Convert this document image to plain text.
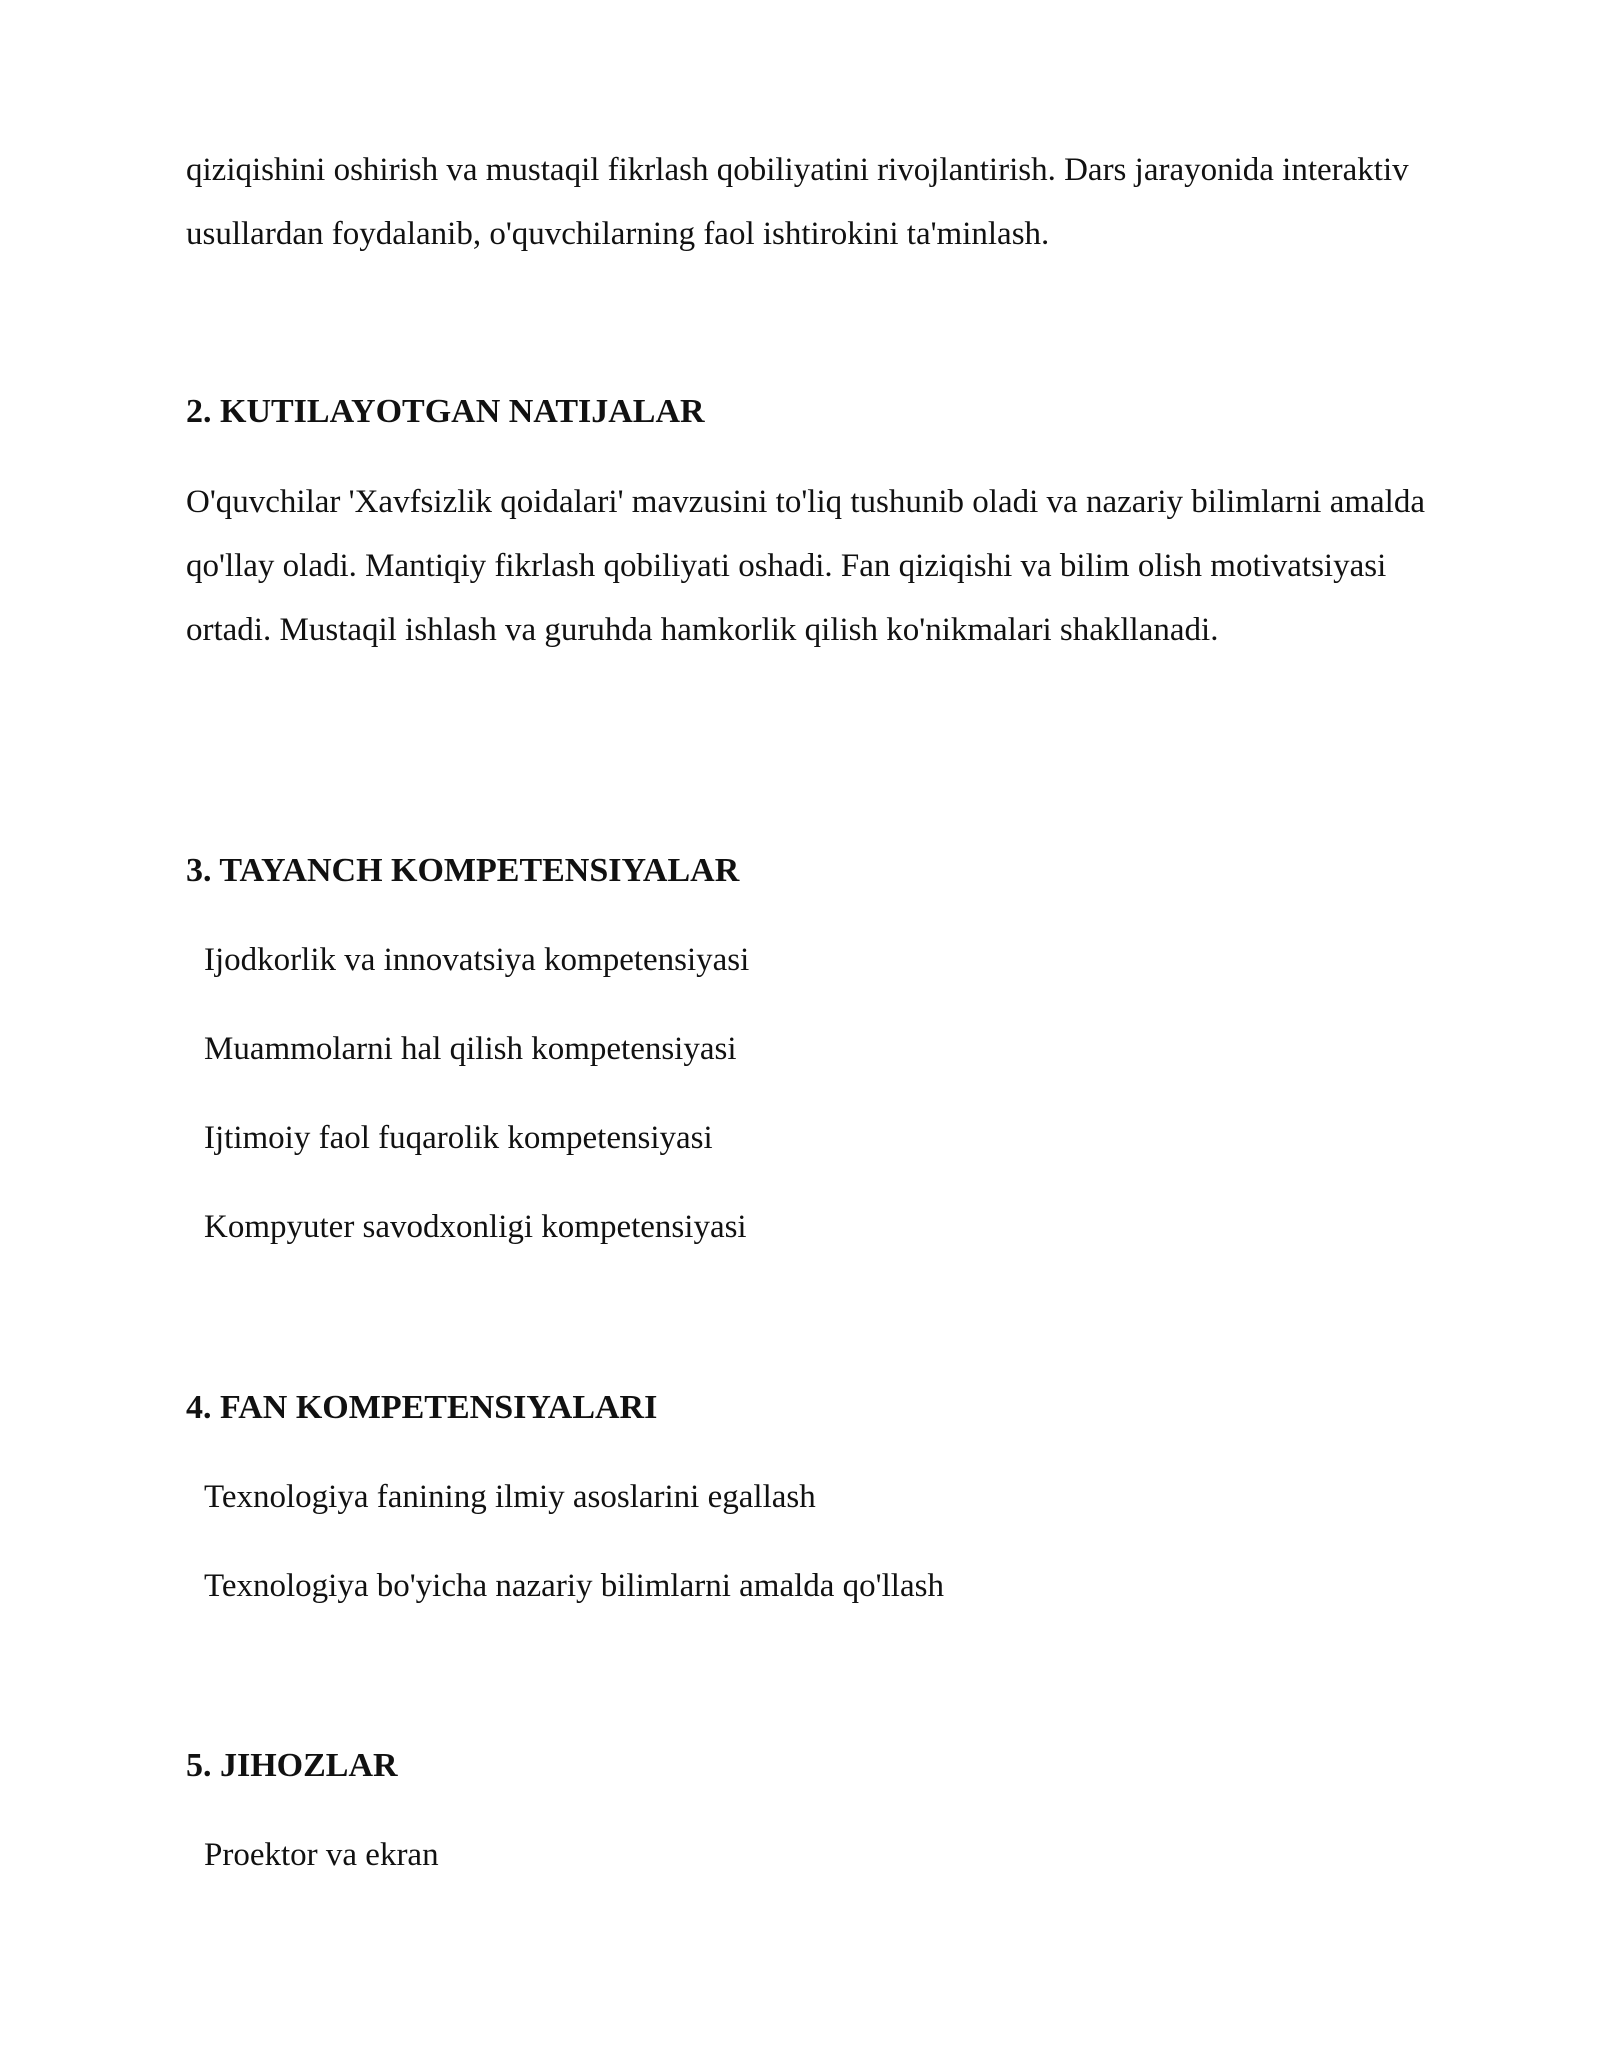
qiziqishini oshirish va mustaqil fikrlash qobiliyatini rivojlantirish. Dars jarayonida interaktiv usullardan foydalanib, o'quvchilarning faol ishtirokini ta'minlash.

2. KUTILAYOTGAN NATIJALAR

O'quvchilar 'Xavfsizlik qoidalari' mavzusini to'liq tushunib oladi va nazariy bilimlarni amalda qo'llay oladi. Mantiqiy fikrlash qobiliyati oshadi. Fan qiziqishi va bilim olish motivatsiyasi ortadi. Mustaqil ishlash va guruhda hamkorlik qilish ko'nikmalari shakllanadi.

3. TAYANCH KOMPETENSIYALAR

Ijodkorlik va innovatsiya kompetensiyasi

Muammolarni hal qilish kompetensiyasi

Ijtimoiy faol fuqarolik kompetensiyasi

Kompyuter savodxonligi kompetensiyasi

4. FAN KOMPETENSIYALARI

Texnologiya fanining ilmiy asoslarini egallash

Texnologiya bo'yicha nazariy bilimlarni amalda qo'llash

5. JIHOZLAR

Proektor va ekran
